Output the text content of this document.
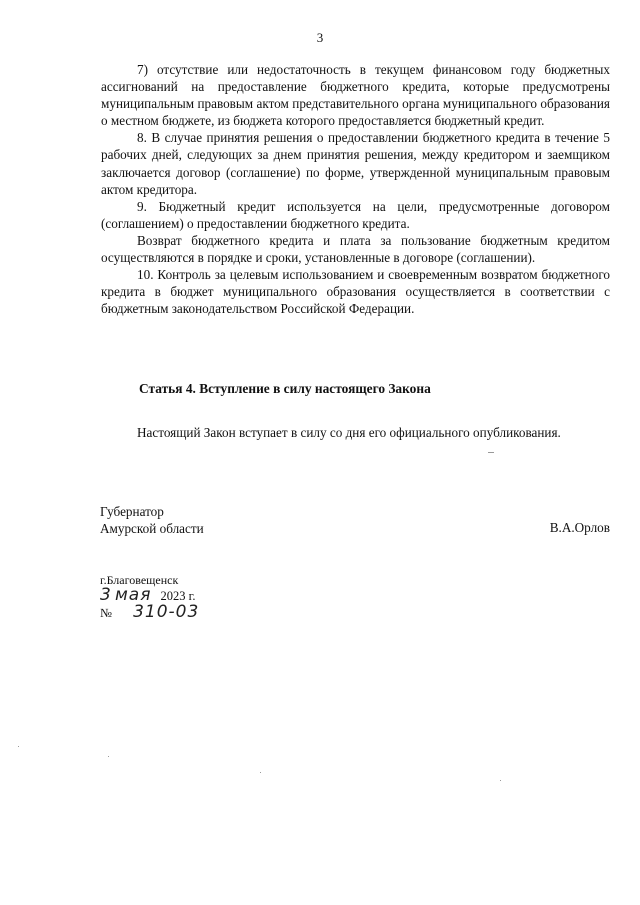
3

7) отсутствие или недостаточность в текущем финансовом году бюджетных ассигнований на предоставление бюджетного кредита, которые предусмотрены муниципальным правовым актом представительного органа муниципального образования о местном бюджете, из бюджета которого предоставляется бюджетный кредит.

8. В случае принятия решения о предоставлении бюджетного кредита в течение 5 рабочих дней, следующих за днем принятия решения, между кредитором и заемщиком заключается договор (соглашение) по форме, утвержденной муниципальным правовым актом кредитора.

9. Бюджетный кредит используется на цели, предусмотренные договором (соглашением) о предоставлении бюджетного кредита.

Возврат бюджетного кредита и плата за пользование бюджетным кредитом осуществляются в порядке и сроки, установленные в договоре (соглашении).

10. Контроль за целевым использованием и своевременным возвратом бюджетного кредита в бюджет муниципального образования осуществляется в соответствии с бюджетным законодательством Российской Федерации.

Статья 4. Вступление в силу настоящего Закона

Настоящий Закон вступает в силу со дня его официального опубликования.

Губернатор
Амурской области	В.А.Орлов
г.Благовещенск
3 мая 2023 г.
№ 310-03
